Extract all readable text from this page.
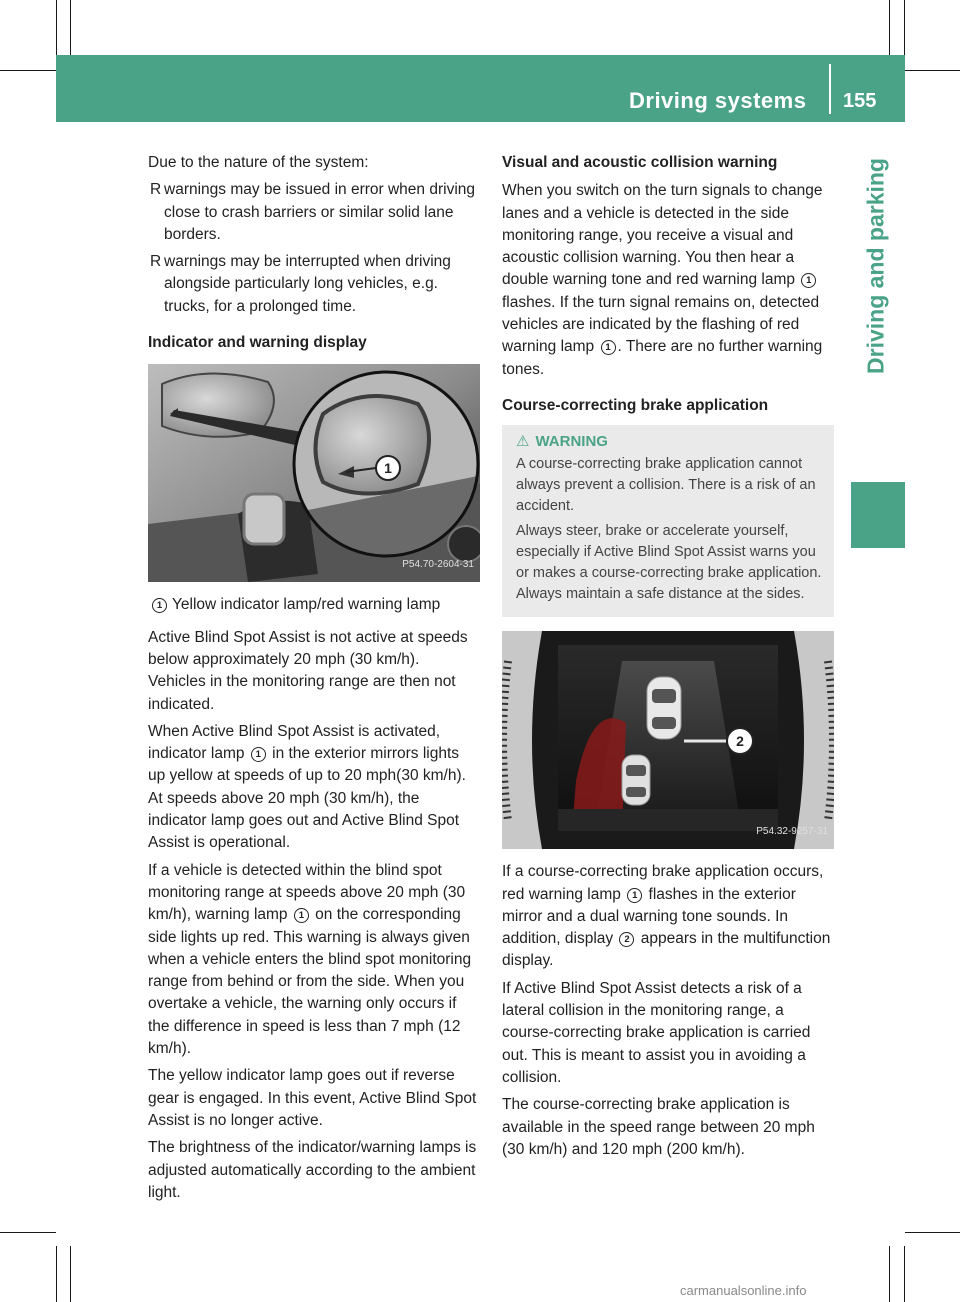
Driving systems 155
Driving and parking

Due to the nature of the system:

R warnings may be issued in error when driving close to crash barriers or similar solid lane borders.
R warnings may be interrupted when driving alongside particularly long vehicles, e.g. trucks, for a prolonged time.

Indicator and warning display

1
P54.70-2604-31
1 Yellow indicator lamp/red warning lamp

Active Blind Spot Assist is not active at speeds below approximately 20 mph (30 km/h). Vehicles in the monitoring range are then not indicated.

When Active Blind Spot Assist is activated, indicator lamp 1 in the exterior mirrors lights up yellow at speeds of up to 20 mph(30 km/h). At speeds above 20 mph (30 km/h), the indicator lamp goes out and Active Blind Spot Assist is operational.

If a vehicle is detected within the blind spot monitoring range at speeds above 20 mph (30 km/h), warning lamp 1 on the corresponding side lights up red. This warning is always given when a vehicle enters the blind spot monitoring range from behind or from the side. When you overtake a vehicle, the warning only occurs if the difference in speed is less than 7 mph (12 km/h).

The yellow indicator lamp goes out if reverse gear is engaged. In this event, Active Blind Spot Assist is no longer active.

The brightness of the indicator/warning lamps is adjusted automatically according to the ambient light.

Visual and acoustic collision warning

When you switch on the turn signals to change lanes and a vehicle is detected in the side monitoring range, you receive a visual and acoustic collision warning. You then hear a double warning tone and red warning lamp 1 flashes. If the turn signal remains on, detected vehicles are indicated by the flashing of red warning lamp 1 . There are no further warning tones.

Course-correcting brake application

⚠ WARNING

A course-correcting brake application cannot always prevent a collision. There is a risk of an accident.

Always steer, brake or accelerate yourself, especially if Active Blind Spot Assist warns you or makes a course-correcting brake application. Always maintain a safe distance at the sides.

2
P54.32-9257-31

If a course-correcting brake application occurs, red warning lamp 1 flashes in the exterior mirror and a dual warning tone sounds. In addition, display 2 appears in the multifunction display.

If Active Blind Spot Assist detects a risk of a lateral collision in the monitoring range, a course-correcting brake application is carried out. This is meant to assist you in avoiding a collision.

The course-correcting brake application is available in the speed range between 20 mph (30 km/h) and 120 mph (200 km/h).

carmanualsonline.info
